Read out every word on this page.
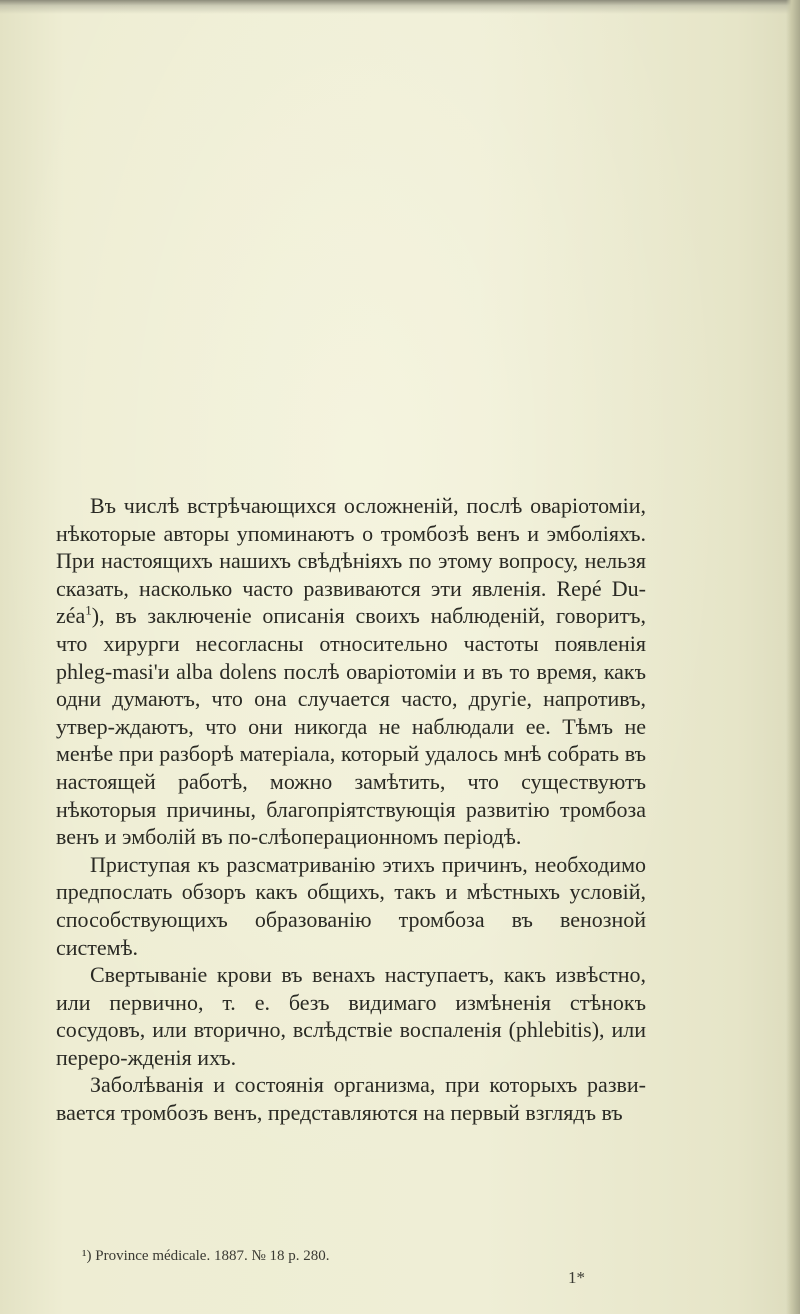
Въ числѣ встрѣчающихся осложненій, послѣ оваріотоміи, нѣкоторые авторы упоминаютъ о тромбозѣ венъ и эмболіяхъ. При настоящихъ нашихъ свѣдѣніяхъ по этому вопросу, нельзя сказать, насколько часто развиваются эти явленія. Repé Du-zéa$^1$), въ заключеніе описанія своихъ наблюденій, говоритъ, что хирурги несогласны относительно частоты появленія phleg-masi'и alba dolens послѣ оваріотоміи и въ то время, какъ одни думаютъ, что она случается часто, другіе, напротивъ, утвер-ждаютъ, что они никогда не наблюдали ее. Тѣмъ не менѣе при разборѣ матеріала, который удалось мнѣ собрать въ настоящей работѣ, можно замѣтить, что существуютъ нѣкоторыя причины, благопріятствующія развитію тромбоза венъ и эмболій въ по-слѣоперационномъ періодѣ.

Приступая къ разсматриванію этихъ причинъ, необходимо предпослать обзоръ какъ общихъ, такъ и мѣстныхъ условій, способствующихъ образованію тромбоза въ венозной системѣ.

Свертываніе крови въ венахъ наступаетъ, какъ извѣстно, или первично, т. е. безъ видимаго измѣненія стѣнокъ сосудовъ, или вторично, вслѣдствіе воспаленія (phlebitis), или переро-жденія ихъ.

Заболѣванія и состоянія организма, при которыхъ разви-вается тромбозъ венъ, представляются на первый взглядъ въ

¹) Province médicale. 1887. № 18 p. 280.
1*
